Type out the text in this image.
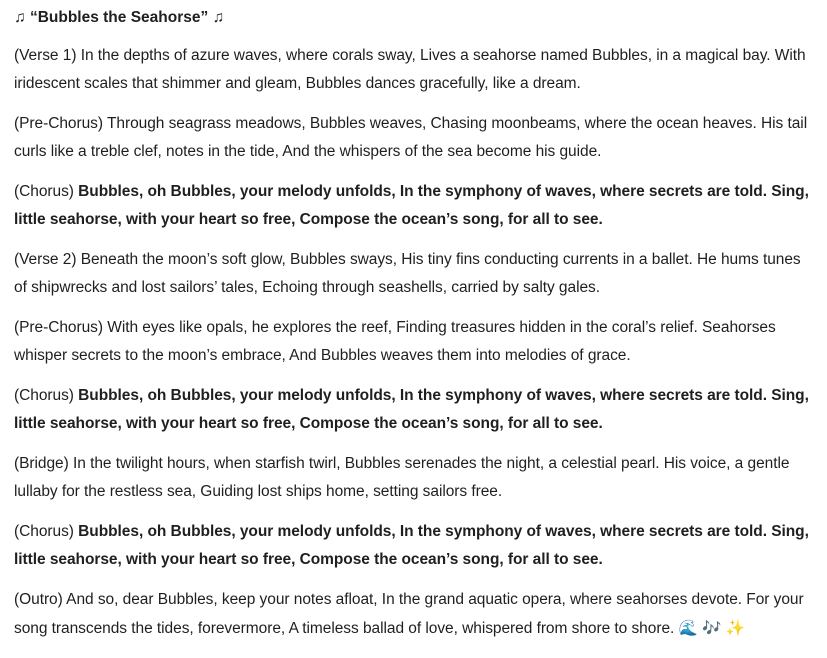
♫ “Bubbles the Seahorse” ♫

(Verse 1) In the depths of azure waves, where corals sway, Lives a seahorse named Bubbles, in a magical bay. With iridescent scales that shimmer and gleam, Bubbles dances gracefully, like a dream.

(Pre-Chorus) Through seagrass meadows, Bubbles weaves, Chasing moonbeams, where the ocean heaves. His tail curls like a treble clef, notes in the tide, And the whispers of the sea become his guide.

(Chorus) Bubbles, oh Bubbles, your melody unfolds, In the symphony of waves, where secrets are told. Sing, little seahorse, with your heart so free, Compose the ocean’s song, for all to see.

(Verse 2) Beneath the moon’s soft glow, Bubbles sways, His tiny fins conducting currents in a ballet. He hums tunes of shipwrecks and lost sailors’ tales, Echoing through seashells, carried by salty gales.

(Pre-Chorus) With eyes like opals, he explores the reef, Finding treasures hidden in the coral’s relief. Seahorses whisper secrets to the moon’s embrace, And Bubbles weaves them into melodies of grace.

(Chorus) Bubbles, oh Bubbles, your melody unfolds, In the symphony of waves, where secrets are told. Sing, little seahorse, with your heart so free, Compose the ocean’s song, for all to see.

(Bridge) In the twilight hours, when starfish twirl, Bubbles serenades the night, a celestial pearl. His voice, a gentle lullaby for the restless sea, Guiding lost ships home, setting sailors free.

(Chorus) Bubbles, oh Bubbles, your melody unfolds, In the symphony of waves, where secrets are told. Sing, little seahorse, with your heart so free, Compose the ocean’s song, for all to see.

(Outro) And so, dear Bubbles, keep your notes afloat, In the grand aquatic opera, where seahorses devote. For your song transcends the tides, forevermore, A timeless ballad of love, whispered from shore to shore. 🌊 🎶 ✨
